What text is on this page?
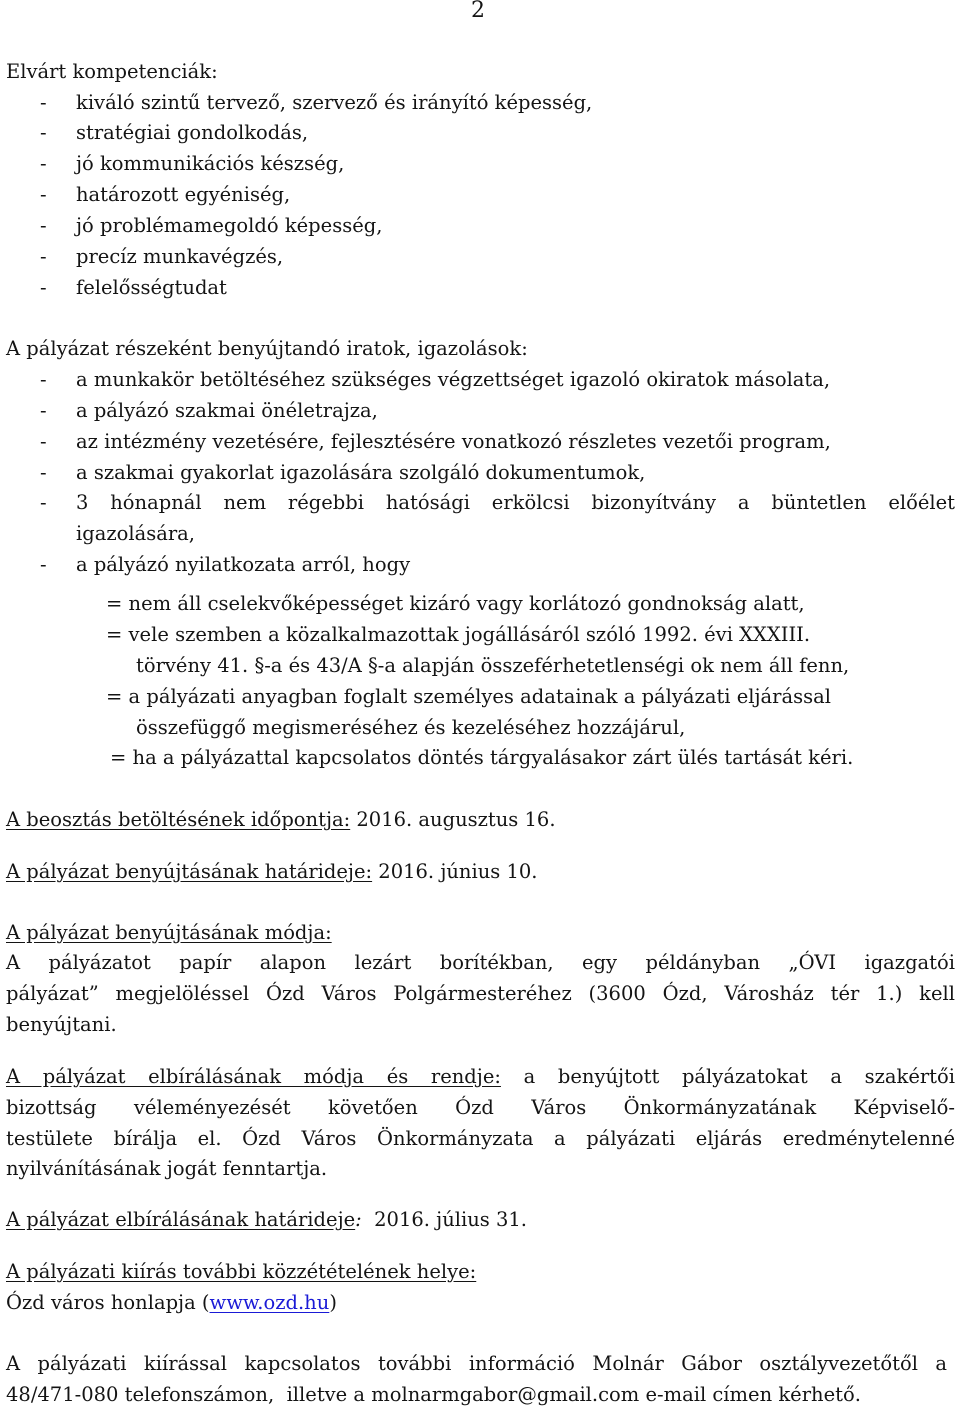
2
Elvárt kompetenciák:
- kiváló szintű tervező, szervező és irányító képesség,
- stratégiai gondolkodás,
- jó kommunikációs készség,
- határozott egyéniség,
- jó problémamegoldó képesség,
- precíz munkavégzés,
- felelősségtudat
A pályázat részeként benyújtandó iratok, igazolások:
- a munkakör betöltéséhez szükséges végzettséget igazoló okiratok másolata,
- a pályázó szakmai önéletrajza,
- az intézmény vezetésére, fejlesztésére vonatkozó részletes vezetői program,
- a szakmai gyakorlat igazolására szolgáló dokumentumok,
-	3 hónapnál nem régebbi hatósági erkölcsi bizonyítvány a büntetlen előélet
igazolására,
- a pályázó nyilatkozata arról, hogy
= nem áll cselekvőképességet kizáró vagy korlátozó gondnokság alatt,
= vele szemben a közalkalmazottak jogállásáról szóló 1992. évi XXXIII.
törvény 41. §-a és 43/A §-a alapján összeférhetetlenségi ok nem áll fenn,
= a pályázati anyagban foglalt személyes adatainak a pályázati eljárással
összefüggő megismeréséhez és kezeléséhez hozzájárul,
= ha a pályázattal kapcsolatos döntés tárgyalásakor zárt ülés tartását kéri.
A beosztás betöltésének időpontja: 2016. augusztus 16.
A pályázat benyújtásának határideje: 2016. június 10.
A pályázat benyújtásának módja:
A pályázatot papír alapon lezárt borítékban, egy példányban „ÓVI igazgatói
pályázat” megjelöléssel Ózd Város Polgármesteréhez (3600 Ózd, Városház tér 1.) kell
benyújtani.
A pályázat elbírálásának módja és rendje: a benyújtott pályázatokat a szakértői
bizottság véleményezését követően Ózd Város Önkormányzatának Képviselő-
testülete bírálja el. Ózd Város Önkormányzata a pályázati eljárás eredménytelenné
nyilvánításának jogát fenntartja.
A pályázat elbírálásának határideje:  2016. július 31.
A pályázati kiírás további közzétételének helye:
Ózd város honlapja (www.ozd.hu)
A pályázati kiírással kapcsolatos további információ Molnár Gábor osztályvezetőtől a
48/471-080 telefonszámon,  illetve a molnarmgabor@gmail.com e-mail címen kérhető.
